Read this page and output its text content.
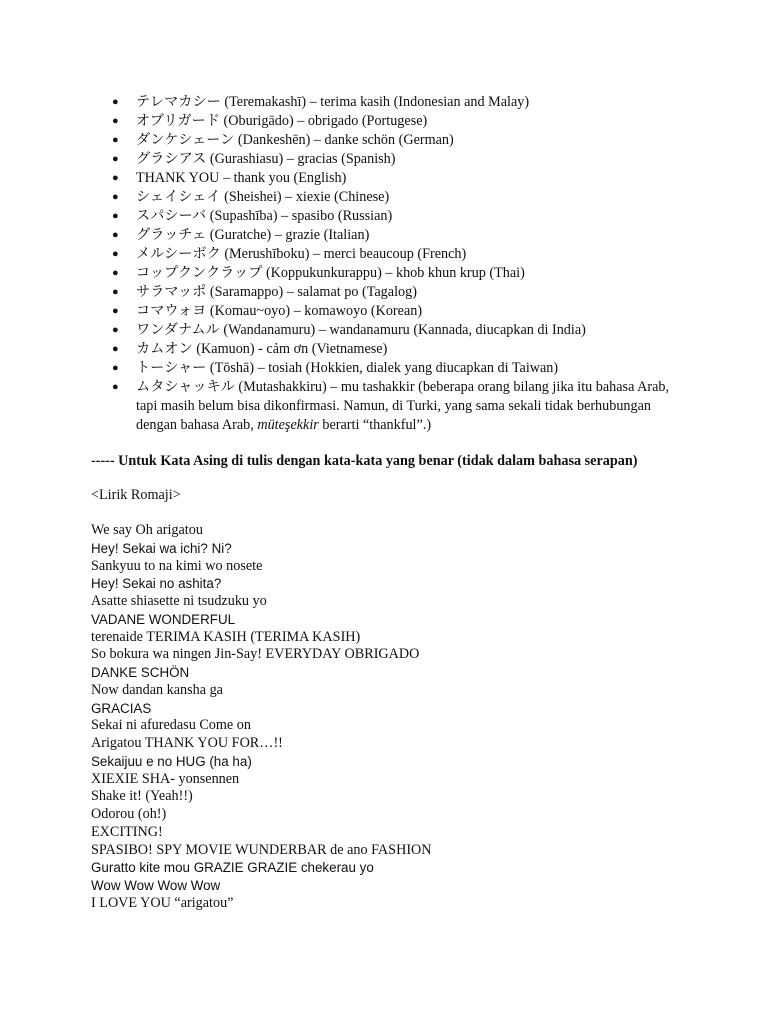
● テレマカシー (Teremakashī) – terima kasih (Indonesian and Malay)
● オブリガード (Oburigādo) – obrigado (Portugese)
● ダンケシェーン (Dankeshēn) – danke schön (German)
● グラシアス (Gurashiasu) – gracias (Spanish)
● THANK YOU – thank you (English)
● シェイシェイ (Sheishei) – xiexie (Chinese)
● スパシーバ (Supashība) – spasibo (Russian)
● グラッチェ (Guratche) – grazie (Italian)
● メルシーボク (Merushīboku) – merci beaucoup (French)
● コップクンクラップ (Koppukunkurappu) – khob khun krup (Thai)
● サラマッポ (Saramappo) – salamat po (Tagalog)
● コマウォヨ (Komau~oyo) – komawoyo (Korean)
● ワンダナムル (Wandanamuru) – wandanamuru (Kannada, diucapkan di India)
● カムオン (Kamuon) - cảm ơn (Vietnamese)
● トーシャー (Tōshā) – tosiah (Hokkien, dialek yang diucapkan di Taiwan)
● ムタシャッキル (Mutashakkiru) – mu tashakkir (beberapa orang bilang jika itu bahasa Arab, tapi masih belum bisa dikonfirmasi. Namun, di Turki, yang sama sekali tidak berhubungan dengan bahasa Arab, müteşekkir berarti “thankful”.)
----- Untuk Kata Asing di tulis dengan kata-kata yang benar (tidak dalam bahasa serapan)
<Lirik Romaji>
We say Oh arigatou
Hey! Sekai wa ichi? Ni?
Sankyuu to na kimi wo nosete
Hey! Sekai no ashita?
Asatte shiasette ni tsudzuku yo
VADANE WONDERFUL
terenaide TERIMA KASIH (TERIMA KASIH)
So bokura wa ningen Jin-Say! EVERYDAY OBRIGADO
DANKE SCHÖN
Now dandan kansha ga
GRACIAS
Sekai ni afuredasu Come on
Arigatou THANK YOU FOR…!!
Sekaijuu e no HUG (ha ha)
XIEXIE SHA- yonsennen
Shake it! (Yeah!!)
Odorou (oh!)
EXCITING!
SPASIBO! SPY MOVIE WUNDERBAR de ano FASHION
Guratto kite mou GRAZIE GRAZIE chekerau yo
Wow Wow Wow Wow
I LOVE YOU “arigatou”
